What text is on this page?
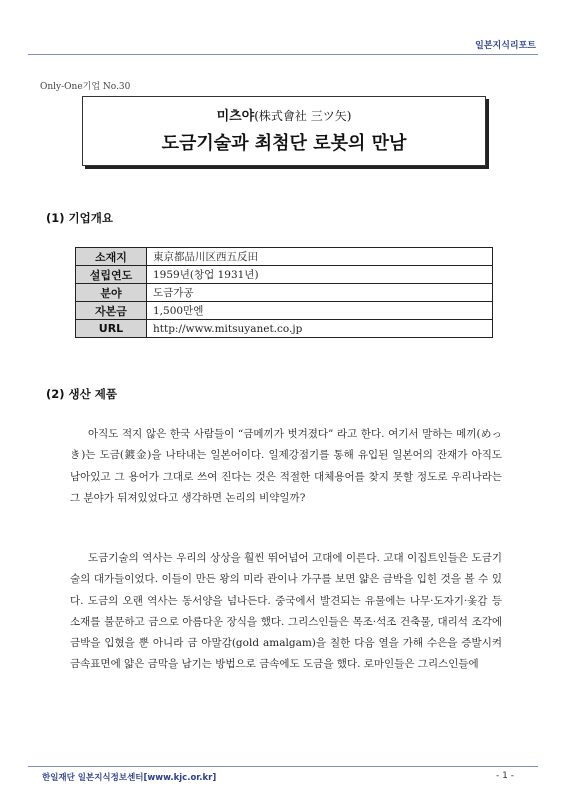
일본지식리포트
Only-One기업 No.30
미츠야(株式會社 三ツ矢)
도금기술과 최첨단 로봇의 만남
(1) 기업개요
소재지	東京都品川区西五反田
설립연도	1959년(창업 1931년)
분야	도금가공
자본금	1,500만엔
URL	http://www.mitsuyanet.co.jp
(2) 생산 제품

아직도 적지 않은 한국 사람들이 “금메끼가 벗겨졌다” 라고 한다. 여기서 말하는 메끼(めっき)는 도금(鍍金)을 나타내는 일본어이다. 일제강점기를 통해 유입된 일본어의 잔재가 아직도 남아있고 그 용어가 그대로 쓰여 진다는 것은 적절한 대체용어를 찾지 못할 정도로 우리나라는 그 분야가 뒤져있었다고 생각하면 논리의 비약일까?

도금기술의 역사는 우리의 상상을 훨씬 뛰어넘어 고대에 이른다. 고대 이집트인들은 도금기술의 대가들이었다. 이들이 만든 왕의 미라 관이나 가구를 보면 얇은 금박을 입힌 것을 볼 수 있다. 도금의 오랜 역사는 동서양을 넘나든다. 중국에서 발견되는 유물에는 나무·도자기·옻감 등 소재를 불문하고 금으로 아름다운 장식을 했다. 그리스인들은 목조·석조 건축물, 대리석 조각에 금박을 입혔을 뿐 아니라 금 아말감(gold amalgam)을 칠한 다음 열을 가해 수은을 증발시켜 금속표면에 얇은 금막을 남기는 방법으로 금속에도 도금을 했다. 로마인들은 그리스인들에

한일재단 일본지식정보센터[www.kjc.or.kr]	- 1 -
